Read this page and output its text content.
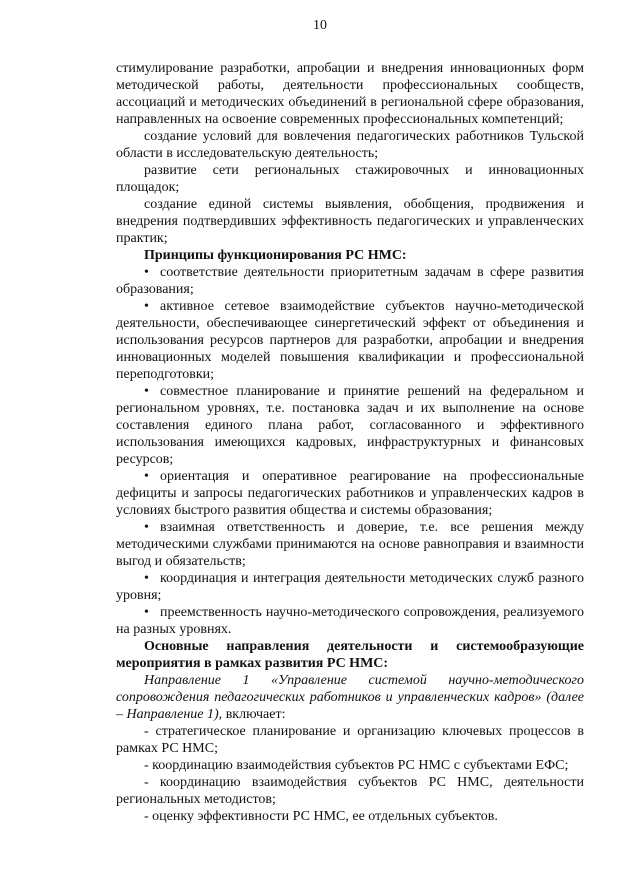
10

стимулирование разработки, апробации и внедрения инновационных форм методической работы, деятельности профессиональных сообществ, ассоциаций и методических объединений в региональной сфере образования, направленных на освоение современных профессиональных компетенций;

создание условий для вовлечения педагогических работников Тульской области в исследовательскую деятельность;

развитие сети региональных стажировочных и инновационных площадок;

создание единой системы выявления, обобщения, продвижения и внедрения подтвердивших эффективность педагогических и управленческих практик;

Принципы функционирования РС НМС:

• соответствие деятельности приоритетным задачам в сфере развития образования;

• активное сетевое взаимодействие субъектов научно-методической деятельности, обеспечивающее синергетический эффект от объединения и использования ресурсов партнеров для разработки, апробации и внедрения инновационных моделей повышения квалификации и профессиональной переподготовки;

• совместное планирование и принятие решений на федеральном и региональном уровнях, т.е. постановка задач и их выполнение на основе составления единого плана работ, согласованного и эффективного использования имеющихся кадровых, инфраструктурных и финансовых ресурсов;

• ориентация и оперативное реагирование на профессиональные дефициты и запросы педагогических работников и управленческих кадров в условиях быстрого развития общества и системы образования;

• взаимная ответственность и доверие, т.е. все решения между методическими службами принимаются на основе равноправия и взаимности выгод и обязательств;

• координация и интеграция деятельности методических служб разного уровня;

• преемственность научно-методического сопровождения, реализуемого на разных уровнях.

Основные направления деятельности и системообразующие мероприятия в рамках развития РС НМС:

Направление 1 «Управление системой научно-методического сопровождения педагогических работников и управленческих кадров» (далее – Направление 1), включает:

- стратегическое планирование и организацию ключевых процессов в рамках РС НМС;

- координацию взаимодействия субъектов РС НМС с субъектами ЕФС;

- координацию взаимодействия субъектов РС НМС, деятельности региональных методистов;

- оценку эффективности РС НМС, ее отдельных субъектов.
